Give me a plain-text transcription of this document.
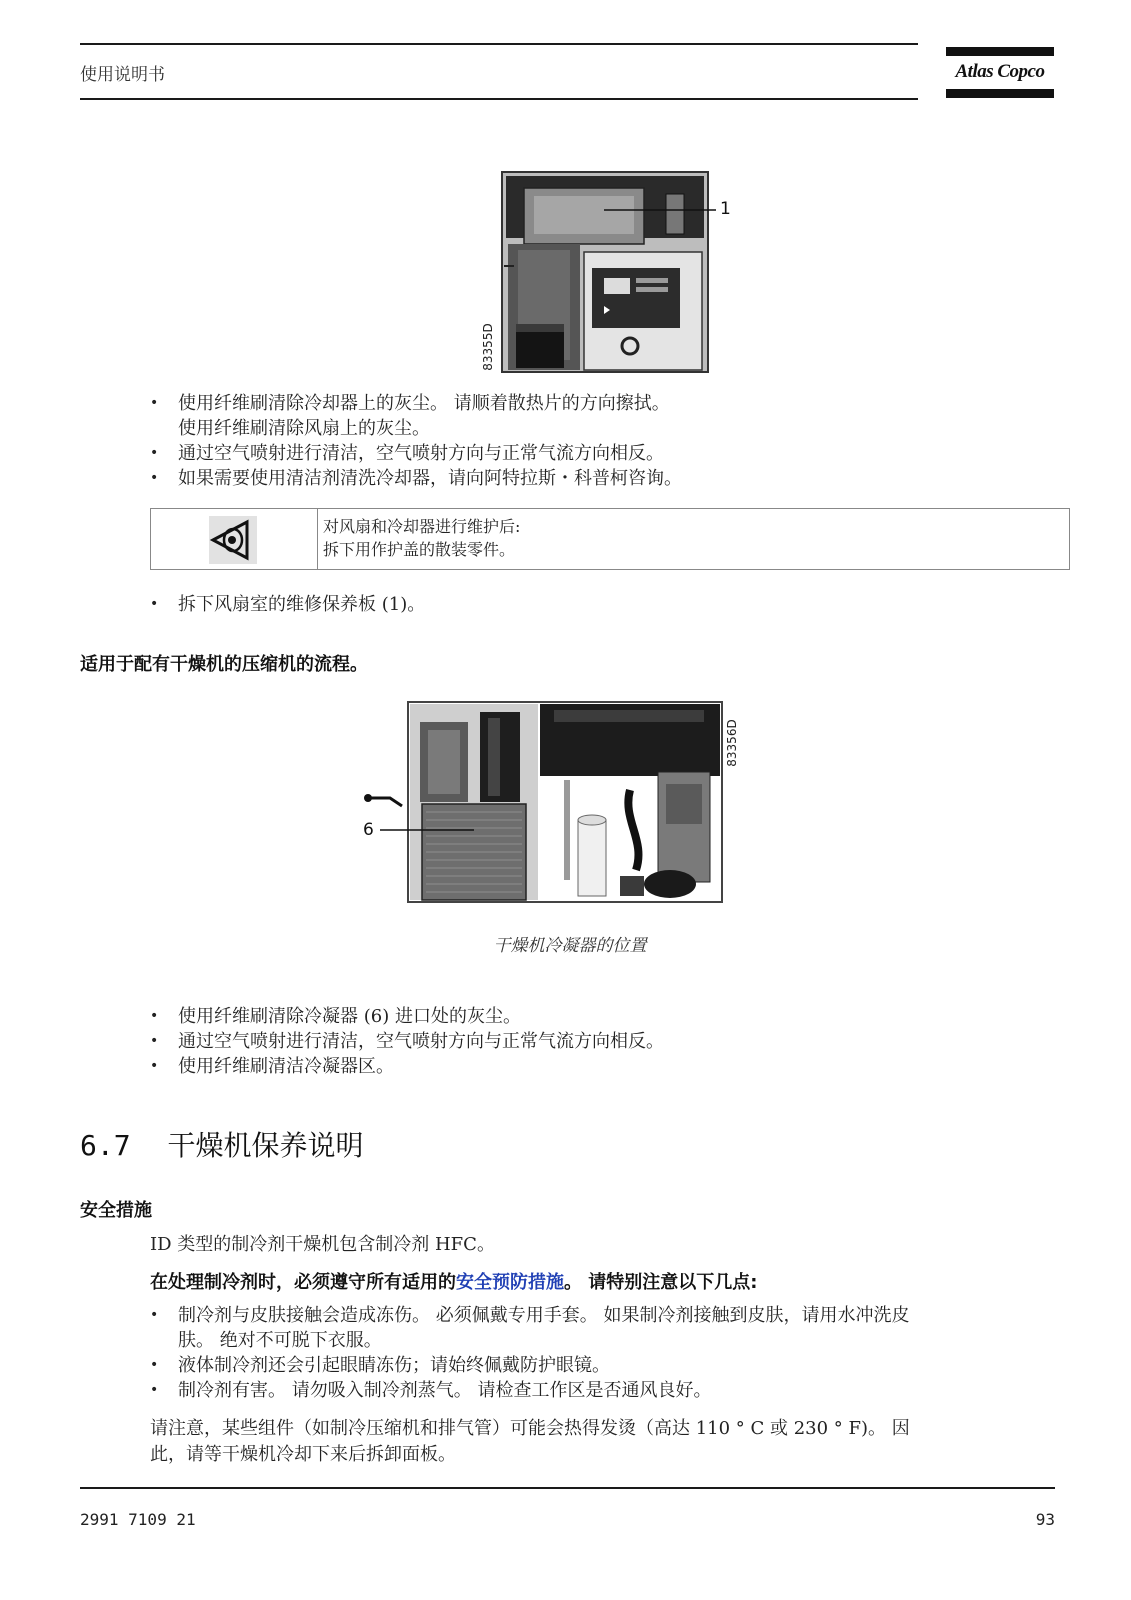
使用说明书	Atlas Copco
1
83355D
• 使用纤维刷清除冷却器上的灰尘。 请顺着散热片的方向擦拭。
使用纤维刷清除风扇上的灰尘。
• 通过空气喷射进行清洁，空气喷射方向与正常气流方向相反。
• 如果需要使用清洁剂清洗冷却器，请向阿特拉斯・科普柯咨询。
对风扇和冷却器进行维护后:
拆下用作护盖的散装零件。
• 拆下风扇室的维修保养板 (1)。
适用于配有干燥机的压缩机的流程。
6
83356D
干燥机冷凝器的位置
• 使用纤维刷清除冷凝器 (6) 进口处的灰尘。
• 通过空气喷射进行清洁，空气喷射方向与正常气流方向相反。
• 使用纤维刷清洁冷凝器区。
6.7 干燥机保养说明
安全措施
ID 类型的制冷剂干燥机包含制冷剂 HFC。
在处理制冷剂时，必须遵守所有适用的安全预防措施。 请特别注意以下几点:
• 制冷剂与皮肤接触会造成冻伤。 必须佩戴专用手套。 如果制冷剂接触到皮肤，请用水冲洗皮
肤。 绝对不可脱下衣服。
• 液体制冷剂还会引起眼睛冻伤；请始终佩戴防护眼镜。
• 制冷剂有害。 请勿吸入制冷剂蒸气。 请检查工作区是否通风良好。
请注意，某些组件（如制冷压缩机和排气管）可能会热得发烫（高达 110 ° C 或 230 ° F)。 因
此，请等干燥机冷却下来后拆卸面板。
2991 7109 21	93
